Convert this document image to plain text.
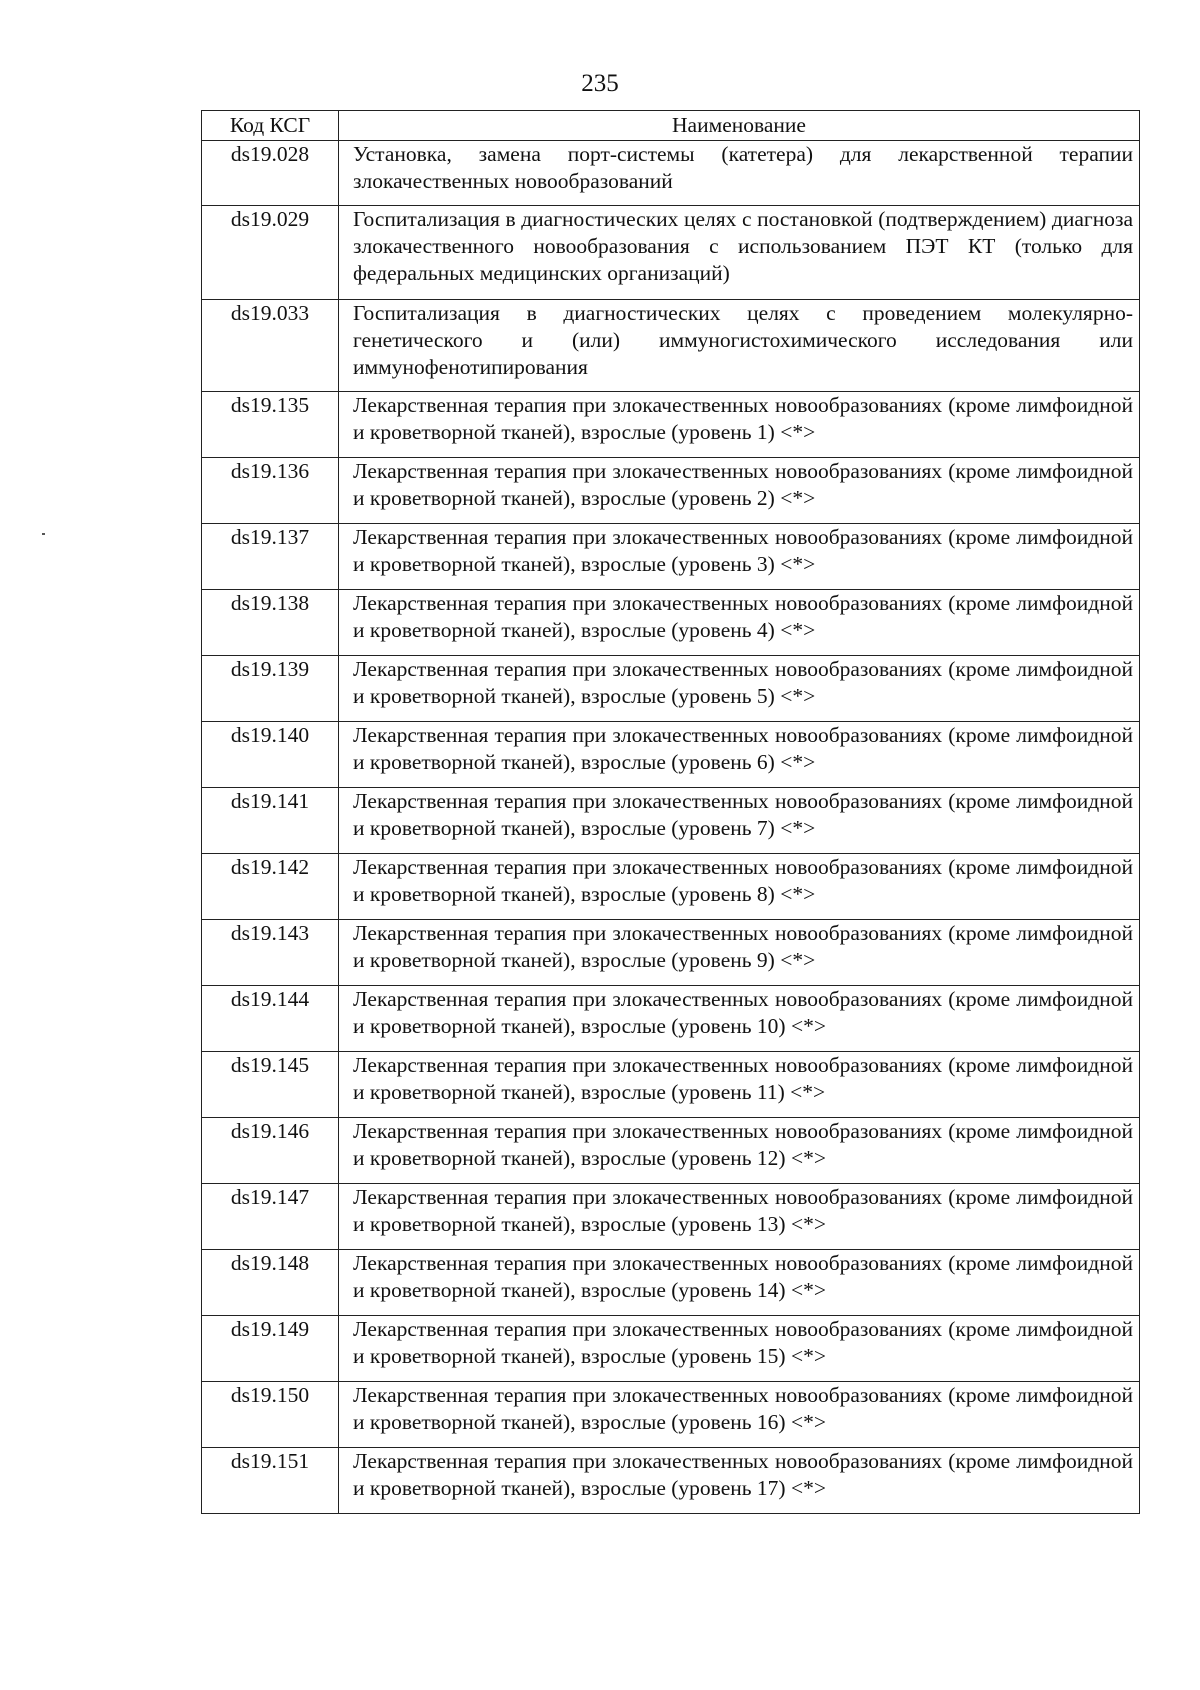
235
Код КСГ	Наименование
ds19.028	Установка, замена порт-системы (катетера) для лекарственной терапии злокачественных новообразований
ds19.029	Госпитализация в диагностических целях с постановкой (подтверждением) диагноза злокачественного новообразования с использованием ПЭТ КТ (только для федеральных медицинских организаций)
ds19.033	Госпитализация в диагностических целях с проведением молекулярно-генетического и (или) иммуногистохимического исследования или иммунофенотипирования
ds19.135	Лекарственная терапия при злокачественных новообразованиях (кроме лимфоидной и кроветворной тканей), взрослые (уровень 1) <*>
ds19.136	Лекарственная терапия при злокачественных новообразованиях (кроме лимфоидной и кроветворной тканей), взрослые (уровень 2) <*>
ds19.137	Лекарственная терапия при злокачественных новообразованиях (кроме лимфоидной и кроветворной тканей), взрослые (уровень 3) <*>
ds19.138	Лекарственная терапия при злокачественных новообразованиях (кроме лимфоидной и кроветворной тканей), взрослые (уровень 4) <*>
ds19.139	Лекарственная терапия при злокачественных новообразованиях (кроме лимфоидной и кроветворной тканей), взрослые (уровень 5) <*>
ds19.140	Лекарственная терапия при злокачественных новообразованиях (кроме лимфоидной и кроветворной тканей), взрослые (уровень 6) <*>
ds19.141	Лекарственная терапия при злокачественных новообразованиях (кроме лимфоидной и кроветворной тканей), взрослые (уровень 7) <*>
ds19.142	Лекарственная терапия при злокачественных новообразованиях (кроме лимфоидной и кроветворной тканей), взрослые (уровень 8) <*>
ds19.143	Лекарственная терапия при злокачественных новообразованиях (кроме лимфоидной и кроветворной тканей), взрослые (уровень 9) <*>
ds19.144	Лекарственная терапия при злокачественных новообразованиях (кроме лимфоидной и кроветворной тканей), взрослые (уровень 10) <*>
ds19.145	Лекарственная терапия при злокачественных новообразованиях (кроме лимфоидной и кроветворной тканей), взрослые (уровень 11) <*>
ds19.146	Лекарственная терапия при злокачественных новообразованиях (кроме лимфоидной и кроветворной тканей), взрослые (уровень 12) <*>
ds19.147	Лекарственная терапия при злокачественных новообразованиях (кроме лимфоидной и кроветворной тканей), взрослые (уровень 13) <*>
ds19.148	Лекарственная терапия при злокачественных новообразованиях (кроме лимфоидной и кроветворной тканей), взрослые (уровень 14) <*>
ds19.149	Лекарственная терапия при злокачественных новообразованиях (кроме лимфоидной и кроветворной тканей), взрослые (уровень 15) <*>
ds19.150	Лекарственная терапия при злокачественных новообразованиях (кроме лимфоидной и кроветворной тканей), взрослые (уровень 16) <*>
ds19.151	Лекарственная терапия при злокачественных новообразованиях (кроме лимфоидной и кроветворной тканей), взрослые (уровень 17) <*>
